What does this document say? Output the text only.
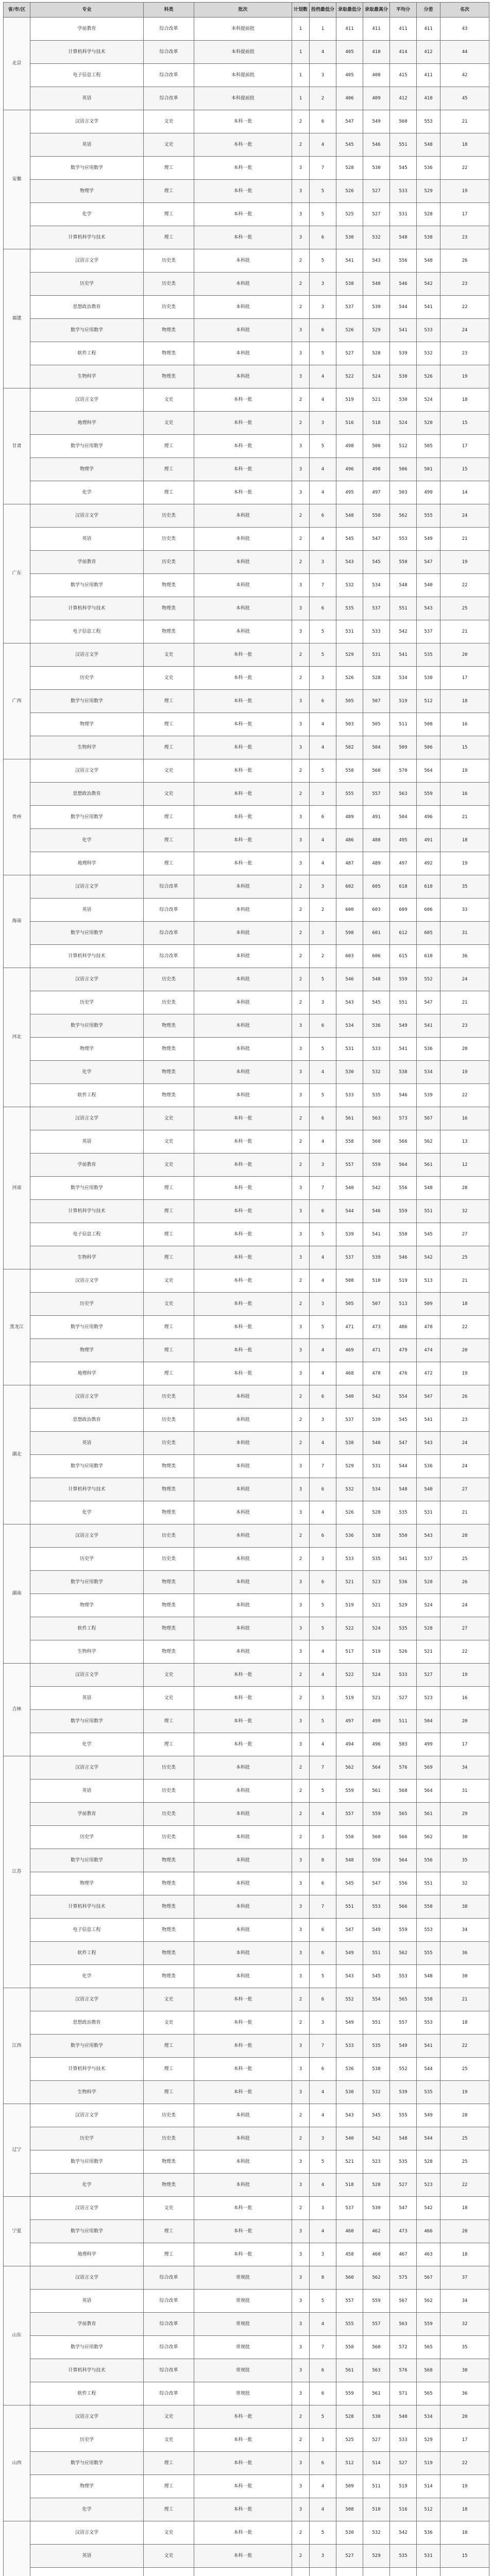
省/市/区	专业	科类	批次	计划数	投档最低分	录取最低分	录取最高分	平均分	分差	名次	
北京	学前教育	综合改革	本科提前批	1	1	411	411	411	411	43	
	计算机科学与技术	综合改革	本科提前批	1	4	405	410	414	412	44	
	电子信息工程	综合改革	本科提前批	1	3	405	408	415	411	42	
	英语	综合改革	本科提前批	1	2	406	409	412	410	45	
安徽	汉语言文学	文史	本科一批	2	6	547	549	560	553	21	
	英语	文史	本科一批	2	4	545	546	551	548	18	
	数学与应用数学	理工	本科一批	3	7	528	530	545	536	22	
	物理学	理工	本科一批	3	5	526	527	533	529	19	
	化学	理工	本科一批	3	5	525	527	531	528	17	
	计算机科学与技术	理工	本科一批	3	6	530	532	548	538	23	
福建	汉语言文学	历史类	本科批	2	5	541	543	556	548	26	
	历史学	历史类	本科批	2	3	538	540	546	542	23	
	思想政治教育	历史类	本科批	2	3	537	539	544	541	22	
	数学与应用数学	物理类	本科批	3	6	526	529	541	533	24	
	软件工程	物理类	本科批	3	5	527	528	539	532	23	
	生物科学	物理类	本科批	3	4	522	524	530	526	19	
甘肃	汉语言文学	文史	本科一批	2	4	519	521	530	524	18	
	地理科学	文史	本科一批	2	3	516	518	524	520	15	
	数学与应用数学	理工	本科一批	3	5	498	500	512	505	17	
	物理学	理工	本科一批	3	4	496	498	506	501	15	
	化学	理工	本科一批	3	4	495	497	503	499	14	
广东	汉语言文学	历史类	本科批	2	6	548	550	562	555	24	
	英语	历史类	本科批	2	4	545	547	553	549	21	
	学前教育	历史类	本科批	2	3	543	545	550	547	19	
	数学与应用数学	物理类	本科批	3	7	532	534	548	540	22	
	计算机科学与技术	物理类	本科批	3	6	535	537	551	543	25	
	电子信息工程	物理类	本科批	3	5	531	533	542	537	21	
广西	汉语言文学	文史	本科一批	2	5	529	531	541	535	20	
	历史学	文史	本科一批	2	3	526	528	534	530	17	
	数学与应用数学	理工	本科一批	3	6	505	507	519	512	18	
	物理学	理工	本科一批	3	4	503	505	511	508	16	
	生物科学	理工	本科一批	3	4	502	504	509	506	15	
贵州	汉语言文学	文史	本科一批	2	5	558	560	570	564	19	
	思想政治教育	文史	本科一批	2	3	555	557	563	559	16	
	数学与应用数学	理工	本科一批	3	6	489	491	504	496	21	
	化学	理工	本科一批	3	4	486	488	495	491	18	
	地理科学	理工	本科一批	3	4	487	489	497	492	19	
海南	汉语言文学	综合改革	本科批	2	3	602	605	618	610	35	
	英语	综合改革	本科批	2	2	600	603	609	606	33	
	数学与应用数学	综合改革	本科批	2	3	598	601	612	605	31	
	计算机科学与技术	综合改革	本科批	2	2	603	606	615	610	36	
河北	汉语言文学	历史类	本科批	2	5	546	548	559	552	24	
	历史学	历史类	本科批	2	3	543	545	551	547	21	
	数学与应用数学	物理类	本科批	3	6	534	536	549	541	23	
	物理学	物理类	本科批	3	5	531	533	541	536	20	
	化学	物理类	本科批	3	4	530	532	538	534	19	
	软件工程	物理类	本科批	3	5	533	535	546	539	22	
河南	汉语言文学	文史	本科一批	2	6	561	563	573	567	16	
	英语	文史	本科一批	2	4	558	560	566	562	13	
	学前教育	文史	本科一批	2	3	557	559	564	561	12	
	数学与应用数学	理工	本科一批	3	7	540	542	556	548	28	
	计算机科学与技术	理工	本科一批	3	6	544	546	559	551	32	
	电子信息工程	理工	本科一批	3	5	539	541	550	545	27	
	生物科学	理工	本科一批	3	4	537	539	546	542	25	
黑龙江	汉语言文学	文史	本科一批	2	4	508	510	519	513	21	
	历史学	文史	本科一批	2	3	505	507	513	509	18	
	数学与应用数学	理工	本科一批	3	5	471	473	486	478	22	
	物理学	理工	本科一批	3	4	469	471	479	474	20	
	地理科学	理工	本科一批	3	4	468	470	476	472	19	
湖北	汉语言文学	历史类	本科批	2	6	540	542	554	547	26	
	思想政治教育	历史类	本科批	2	3	537	539	545	541	23	
	英语	历史类	本科批	2	4	538	540	547	543	24	
	数学与应用数学	物理类	本科批	3	7	529	531	544	536	24	
	计算机科学与技术	物理类	本科批	3	6	532	534	548	540	27	
	化学	物理类	本科批	3	4	526	528	535	531	21	
湖南	汉语言文学	历史类	本科批	2	6	536	538	550	543	28	
	历史学	历史类	本科批	2	3	533	535	541	537	25	
	数学与应用数学	物理类	本科批	3	6	521	523	536	528	26	
	物理学	物理类	本科批	3	5	519	521	529	524	24	
	软件工程	物理类	本科批	3	5	522	524	535	528	27	
	生物科学	物理类	本科批	3	4	517	519	526	521	22	
吉林	汉语言文学	文史	本科一批	2	4	522	524	533	527	19	
	英语	文史	本科一批	2	3	519	521	527	523	16	
	数学与应用数学	理工	本科一批	3	5	497	499	511	504	20	
	化学	理工	本科一批	3	4	494	496	503	499	17	
江苏	汉语言文学	历史类	本科批	2	7	562	564	576	569	34	
	英语	历史类	本科批	2	5	559	561	568	564	31	
	学前教育	历史类	本科批	2	4	557	559	565	561	29	
	历史学	历史类	本科批	2	3	558	560	566	562	30	
	数学与应用数学	物理类	本科批	3	8	548	550	564	556	35	
	物理学	物理类	本科批	3	6	545	547	556	551	32	
	计算机科学与技术	物理类	本科批	3	7	551	553	566	558	38	
	电子信息工程	物理类	本科批	3	6	547	549	559	553	34	
	软件工程	物理类	本科批	3	6	549	551	562	555	36	
	化学	物理类	本科批	3	5	543	545	553	548	30	
江西	汉语言文学	文史	本科一批	2	6	552	554	565	558	21	
	思想政治教育	文史	本科一批	2	3	549	551	557	553	18	
	数学与应用数学	理工	本科一批	3	7	533	535	549	541	22	
	计算机科学与技术	理工	本科一批	3	6	536	538	552	544	25	
	生物科学	理工	本科一批	3	4	530	532	539	535	19	
辽宁	汉语言文学	历史类	本科批	2	4	543	545	555	549	28	
	历史学	历史类	本科批	2	3	540	542	548	544	25	
	数学与应用数学	物理类	本科批	3	5	521	523	535	528	25	
	化学	物理类	本科批	3	4	518	520	527	523	22	
宁夏	汉语言文学	文史	本科一批	2	3	537	539	547	542	18	
	数学与应用数学	理工	本科一批	3	4	460	462	473	466	20	
	地理科学	理工	本科一批	3	3	458	460	467	463	18	
山东	汉语言文学	综合改革	常规批	3	8	560	562	575	567	37	
	英语	综合改革	常规批	3	5	557	559	567	562	34	
	学前教育	综合改革	常规批	3	4	555	557	563	559	32	
	数学与应用数学	综合改革	常规批	3	7	558	560	572	565	35	
	计算机科学与技术	综合改革	常规批	3	6	561	563	576	568	38	
	软件工程	综合改革	常规批	3	6	559	561	571	565	36	
山西	汉语言文学	文史	本科一批	2	5	528	530	540	534	20	
	历史学	文史	本科一批	2	3	525	527	533	529	17	
	数学与应用数学	理工	本科一批	3	6	512	514	527	519	22	
	物理学	理工	本科一批	3	4	509	511	519	514	19	
	化学	理工	本科一批	3	4	508	510	516	512	18	
	汉语言文学	文史	本科一批	2	5	530	532	542	536	18	
	英语	文史	本科一批	2	3	527	529	535	531	15	
